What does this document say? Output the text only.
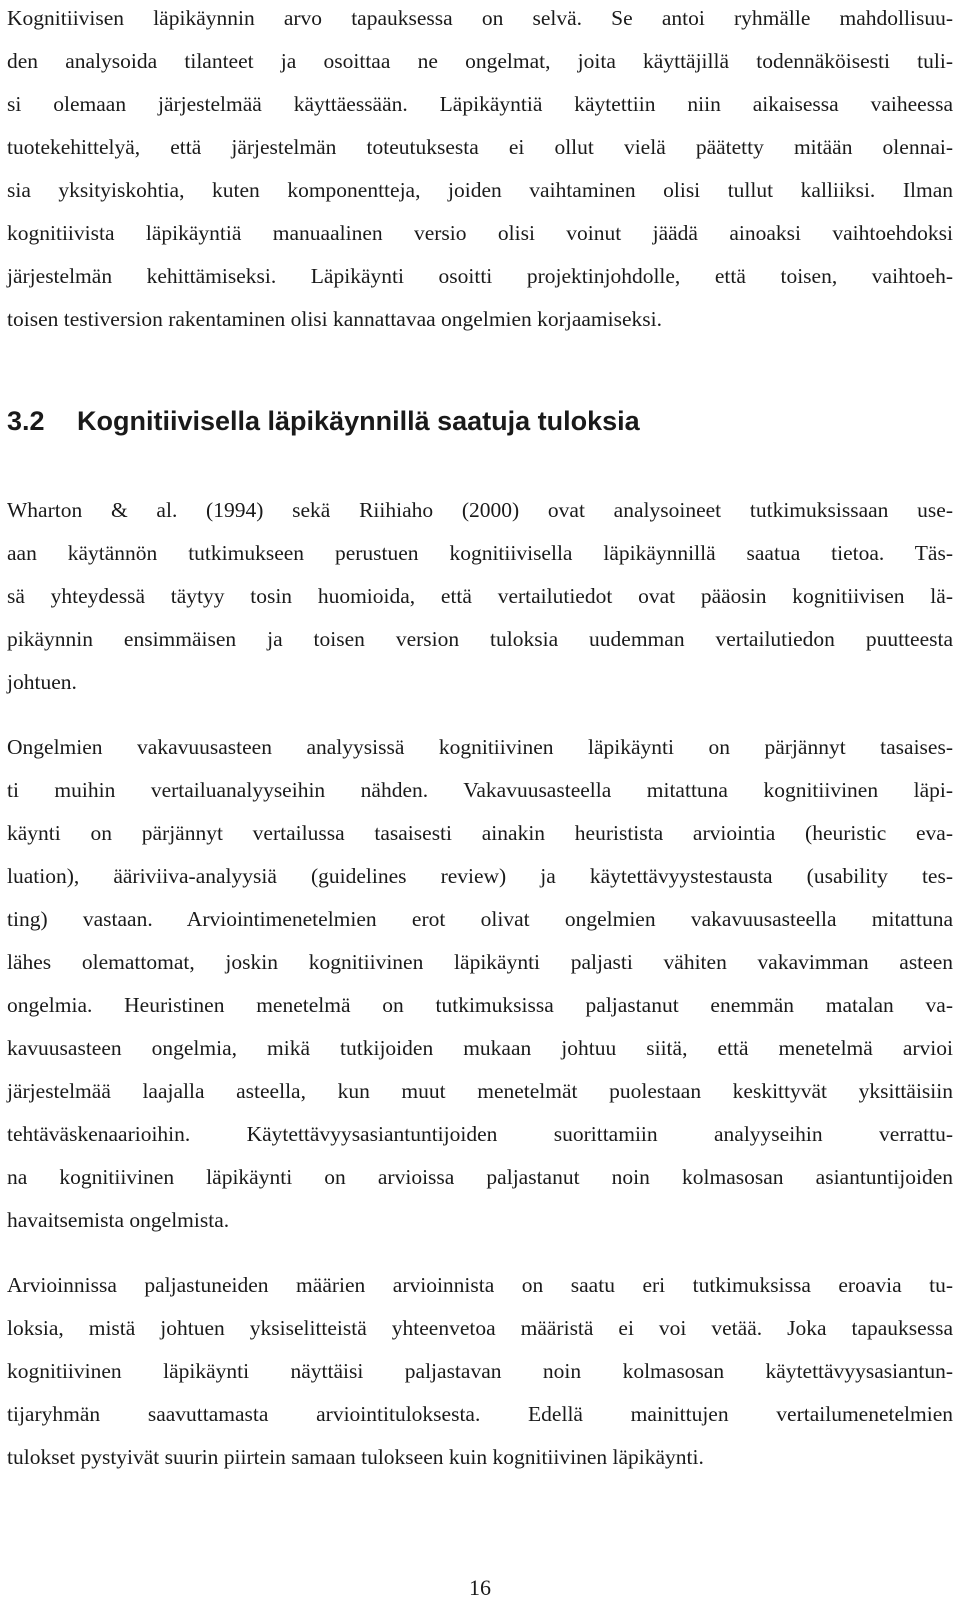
Kognitiivisen läpikäynnin arvo tapauksessa on selvä. Se antoi ryhmälle mahdollisuu-
den analysoida tilanteet ja osoittaa ne ongelmat, joita käyttäjillä todennäköisesti tuli-
si olemaan järjestelmää käyttäessään. Läpikäyntiä käytettiin niin aikaisessa vaiheessa
tuotekehittelyä, että järjestelmän toteutuksesta ei ollut vielä päätetty mitään olennai-
sia yksityiskohtia, kuten komponentteja, joiden vaihtaminen olisi tullut kalliiksi. Ilman
kognitiivista läpikäyntiä manuaalinen versio olisi voinut jäädä ainoaksi vaihtoehdoksi
järjestelmän kehittämiseksi. Läpikäynti osoitti projektinjohdolle, että toisen, vaihtoeh-
toisen testiversion rakentaminen olisi kannattavaa ongelmien korjaamiseksi.
3.2 Kognitiivisella läpikäynnillä saatuja tuloksia
Wharton & al. (1994) sekä Riihiaho (2000) ovat analysoineet tutkimuksissaan use-
aan käytännön tutkimukseen perustuen kognitiivisella läpikäynnillä saatua tietoa. Täs-
sä yhteydessä täytyy tosin huomioida, että vertailutiedot ovat pääosin kognitiivisen lä-
pikäynnin ensimmäisen ja toisen version tuloksia uudemman vertailutiedon puutteesta
johtuen.
Ongelmien vakavuusasteen analyysissä kognitiivinen läpikäynti on pärjännyt tasaises-
ti muihin vertailuanalyyseihin nähden. Vakavuusasteella mitattuna kognitiivinen läpi-
käynti on pärjännyt vertailussa tasaisesti ainakin heuristista arviointia (heuristic eva-
luation), ääriviiva-analyysiä (guidelines review) ja käytettävyystestausta (usability tes-
ting) vastaan. Arviointimenetelmien erot olivat ongelmien vakavuusasteella mitattuna
lähes olemattomat, joskin kognitiivinen läpikäynti paljasti vähiten vakavimman asteen
ongelmia. Heuristinen menetelmä on tutkimuksissa paljastanut enemmän matalan va-
kavuusasteen ongelmia, mikä tutkijoiden mukaan johtuu siitä, että menetelmä arvioi
järjestelmää laajalla asteella, kun muut menetelmät puolestaan keskittyvät yksittäisiin
tehtäväskenaarioihin. Käytettävyysasiantuntijoiden suorittamiin analyyseihin verrattu-
na kognitiivinen läpikäynti on arvioissa paljastanut noin kolmasosan asiantuntijoiden
havaitsemista ongelmista.
Arvioinnissa paljastuneiden määrien arvioinnista on saatu eri tutkimuksissa eroavia tu-
loksia, mistä johtuen yksiselitteistä yhteenvetoa määristä ei voi vetää. Joka tapauksessa
kognitiivinen läpikäynti näyttäisi paljastavan noin kolmasosan käytettävyysasiantun-
tijaryhmän saavuttamasta arviointituloksesta. Edellä mainittujen vertailumenetelmien
tulokset pystyivät suurin piirtein samaan tulokseen kuin kognitiivinen läpikäynti.
16
